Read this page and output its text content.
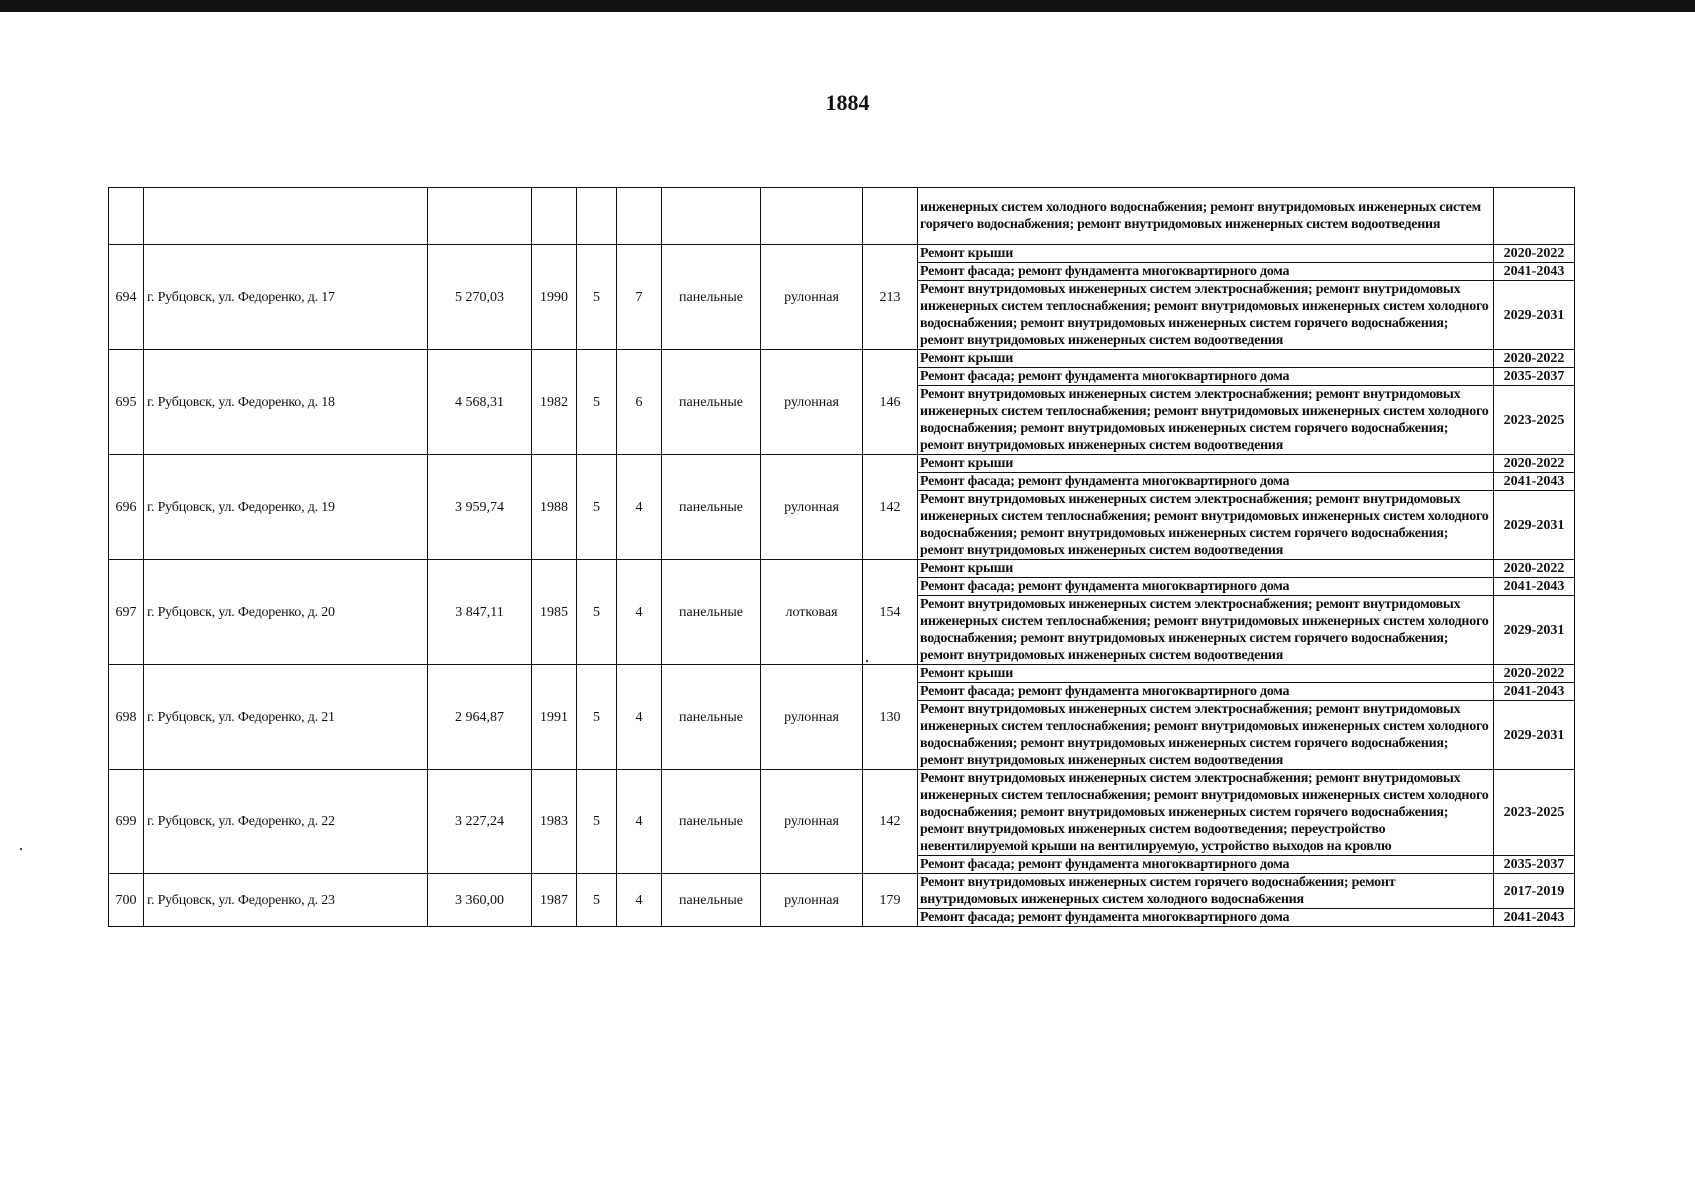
1884
									инженерных систем холодного водоснабжения; ремонт внутридомовых инженерных систем горячего водоснабжения; ремонт внутридомовых инженерных систем водоотведения	
694	г. Рубцовск, ул. Федоренко, д. 17	5 270,03	1990	5	7	панельные	рулонная	213	Ремонт крыши	2020-2022
									Ремонт фасада; ремонт фундамента многоквартирного дома	2041-2043
									Ремонт внутридомовых инженерных систем электроснабжения; ремонт внутридомовых инженерных систем теплоснабжения; ремонт внутридомовых инженерных систем холодного водоснабжения; ремонт внутридомовых инженерных систем горячего водоснабжения; ремонт внутридомовых инженерных систем водоотведения	2029-2031
695	г. Рубцовск, ул. Федоренко, д. 18	4 568,31	1982	5	6	панельные	рулонная	146	Ремонт крыши	2020-2022
									Ремонт фасада; ремонт фундамента многоквартирного дома	2035-2037
									Ремонт внутридомовых инженерных систем электроснабжения; ремонт внутридомовых инженерных систем теплоснабжения; ремонт внутридомовых инженерных систем холодного водоснабжения; ремонт внутридомовых инженерных систем горячего водоснабжения; ремонт внутридомовых инженерных систем водоотведения	2023-2025
696	г. Рубцовск, ул. Федоренко, д. 19	3 959,74	1988	5	4	панельные	рулонная	142	Ремонт крыши	2020-2022
									Ремонт фасада; ремонт фундамента многоквартирного дома	2041-2043
									Ремонт внутридомовых инженерных систем электроснабжения; ремонт внутридомовых инженерных систем теплоснабжения; ремонт внутридомовых инженерных систем холодного водоснабжения; ремонт внутридомовых инженерных систем горячего водоснабжения; ремонт внутридомовых инженерных систем водоотведения	2029-2031
697	г. Рубцовск, ул. Федоренко, д. 20	3 847,11	1985	5	4	панельные	лотковая	154	Ремонт крыши	2020-2022
									Ремонт фасада; ремонт фундамента многоквартирного дома	2041-2043
									Ремонт внутридомовых инженерных систем электроснабжения; ремонт внутридомовых инженерных систем теплоснабжения; ремонт внутридомовых инженерных систем холодного водоснабжения; ремонт внутридомовых инженерных систем горячего водоснабжения; ремонт внутридомовых инженерных систем водоотведения	2029-2031
698	г. Рубцовск, ул. Федоренко, д. 21	2 964,87	1991	5	4	панельные	рулонная	130	Ремонт крыши	2020-2022
									Ремонт фасада; ремонт фундамента многоквартирного дома	2041-2043
									Ремонт внутридомовых инженерных систем электроснабжения; ремонт внутридомовых инженерных систем теплоснабжения; ремонт внутридомовых инженерных систем холодного водоснабжения; ремонт внутридомовых инженерных систем горячего водоснабжения; ремонт внутридомовых инженерных систем водоотведения	2029-2031
699	г. Рубцовск, ул. Федоренко, д. 22	3 227,24	1983	5	4	панельные	рулонная	142	Ремонт внутридомовых инженерных систем электроснабжения; ремонт внутридомовых инженерных систем теплоснабжения; ремонт внутридомовых инженерных систем холодного водоснабжения; ремонт внутридомовых инженерных систем горячего водоснабжения; ремонт внутридомовых инженерных систем водоотведения; переустройство невентилируемой крыши на вентилируемую, устройство выходов на кровлю	2023-2025
									Ремонт фасада; ремонт фундамента многоквартирного дома	2035-2037
700	г. Рубцовск, ул. Федоренко, д. 23	3 360,00	1987	5	4	панельные	рулонная	179	Ремонт внутридомовых инженерных систем горячего водоснабжения; ремонт внутридомовых инженерных систем холодного водосна6жения	2017-2019
									Ремонт фасада; ремонт фундамента многоквартирного дома	2041-2043
